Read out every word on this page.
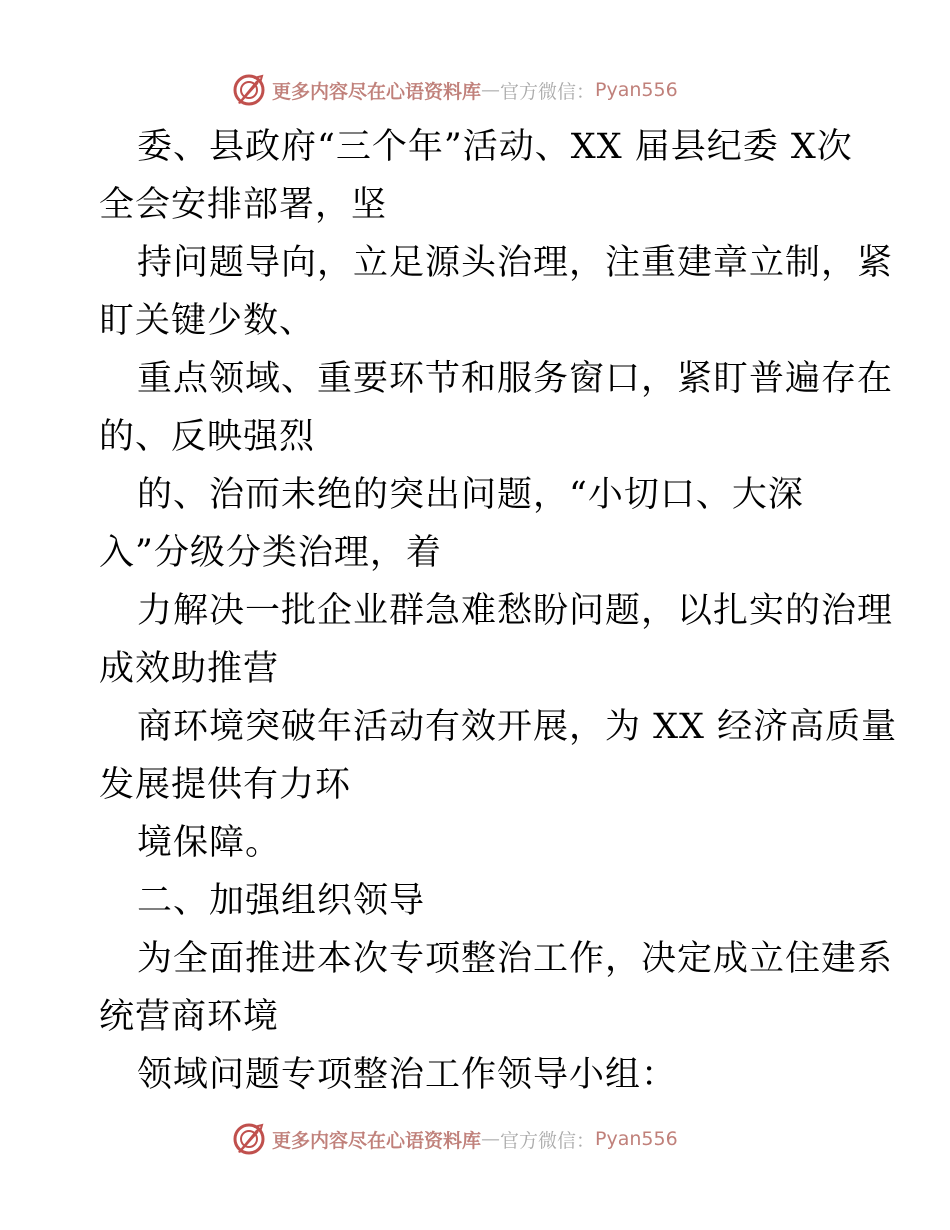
更多内容尽在心语资料库 — 官方微信： Pyan556
委、县政府“三个年”活动、XX 届县纪委 X次
全会安排部署，坚
持问题导向，立足源头治理，注重建章立制，紧
盯关键少数、
重点领域、重要环节和服务窗口，紧盯普遍存在
的、反映强烈
的、治而未绝的突出问题，“小切口、大深
入”分级分类治理，着
力解决一批企业群急难愁盼问题，以扎实的治理
成效助推营
商环境突破年活动有效开展，为 XX 经济高质量
发展提供有力环
境保障。
二、加强组织领导
为全面推进本次专项整治工作，决定成立住建系
统营商环境
领域问题专项整治工作领导小组：
更多内容尽在心语资料库 — 官方微信： Pyan556
